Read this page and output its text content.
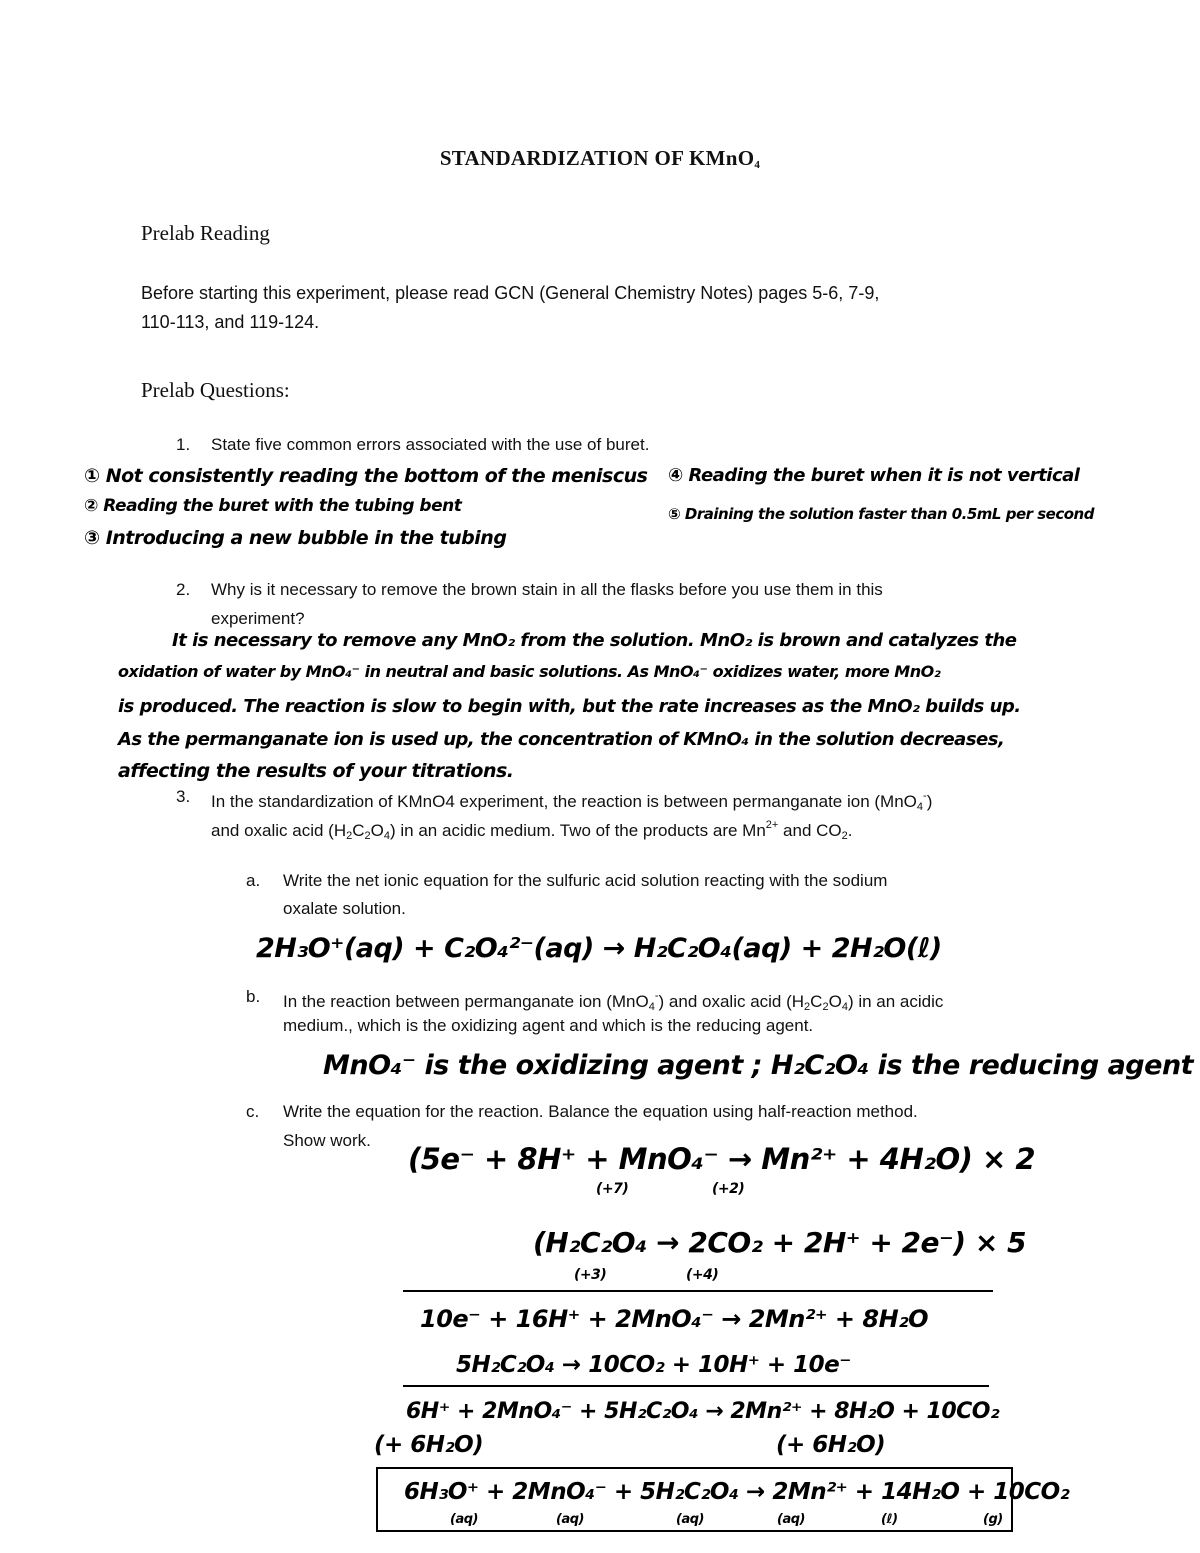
STANDARDIZATION OF KMnO$_4$
Prelab Reading
Before starting this experiment, please read GCN (General Chemistry Notes) pages 5-6, 7-9,
110-113, and 119-124.
Prelab Questions:
1. State five common errors associated with the use of buret.
① Not consistently reading the bottom of the meniscus
② Reading the buret with the tubing bent
③ Introducing a new bubble in the tubing
④ Reading the buret when it is not vertical
⑤ Draining the solution faster than 0.5mL per second
2. Why is it necessary to remove the brown stain in all the flasks before you use them in this
experiment?
It is necessary to remove any MnO₂ from the solution. MnO₂ is brown and catalyzes the
oxidation of water by MnO₄⁻ in neutral and basic solutions. As MnO₄⁻ oxidizes water, more MnO₂
is produced. The reaction is slow to begin with, but the rate increases as the MnO₂ builds up.
As the permanganate ion is used up, the concentration of KMnO₄ in the solution decreases,
affecting the results of your titrations.
3. In the standardization of KMnO4 experiment, the reaction is between permanganate ion (MnO$_4$-)
and oxalic acid $(H_2C_2O_4)$ in an acidic medium. Two of the products are $Mn^{2+}$ and $CO_2$.
a. Write the net ionic equation for the sulfuric acid solution reacting with the sodium
oxalate solution.
2H₃O⁺(aq) + C₂O₄²⁻(aq) → H₂C₂O₄(aq) + 2H₂O(ℓ)
b. In the reaction between permanganate ion (MnO$_4$-) and oxalic acid $(H_2C_2O_4)$ in an acidic
medium., which is the oxidizing agent and which is the reducing agent.
MnO₄⁻ is the oxidizing agent ; H₂C₂O₄ is the reducing agent
c. Write the equation for the reaction. Balance the equation using half-reaction method.
Show work.
(5e⁻ + 8H⁺ + MnO₄⁻ → Mn²⁺ + 4H₂O) × 2
(+7)	(+2)
(H₂C₂O₄ → 2CO₂ + 2H⁺ + 2e⁻) × 5
(+3)	(+4)
10e⁻ + 16H⁺ + 2MnO₄⁻ → 2Mn²⁺ + 8H₂O
5H₂C₂O₄ → 10CO₂ + 10H⁺ + 10e⁻
6H⁺ + 2MnO₄⁻ + 5H₂C₂O₄ → 2Mn²⁺ + 8H₂O + 10CO₂
(+ 6H₂O)	(+ 6H₂O)
6H₃O⁺ + 2MnO₄⁻ + 5H₂C₂O₄ → 2Mn²⁺ + 14H₂O + 10CO₂
(aq)	(aq)	(aq)	(aq)	(ℓ)	(g)
